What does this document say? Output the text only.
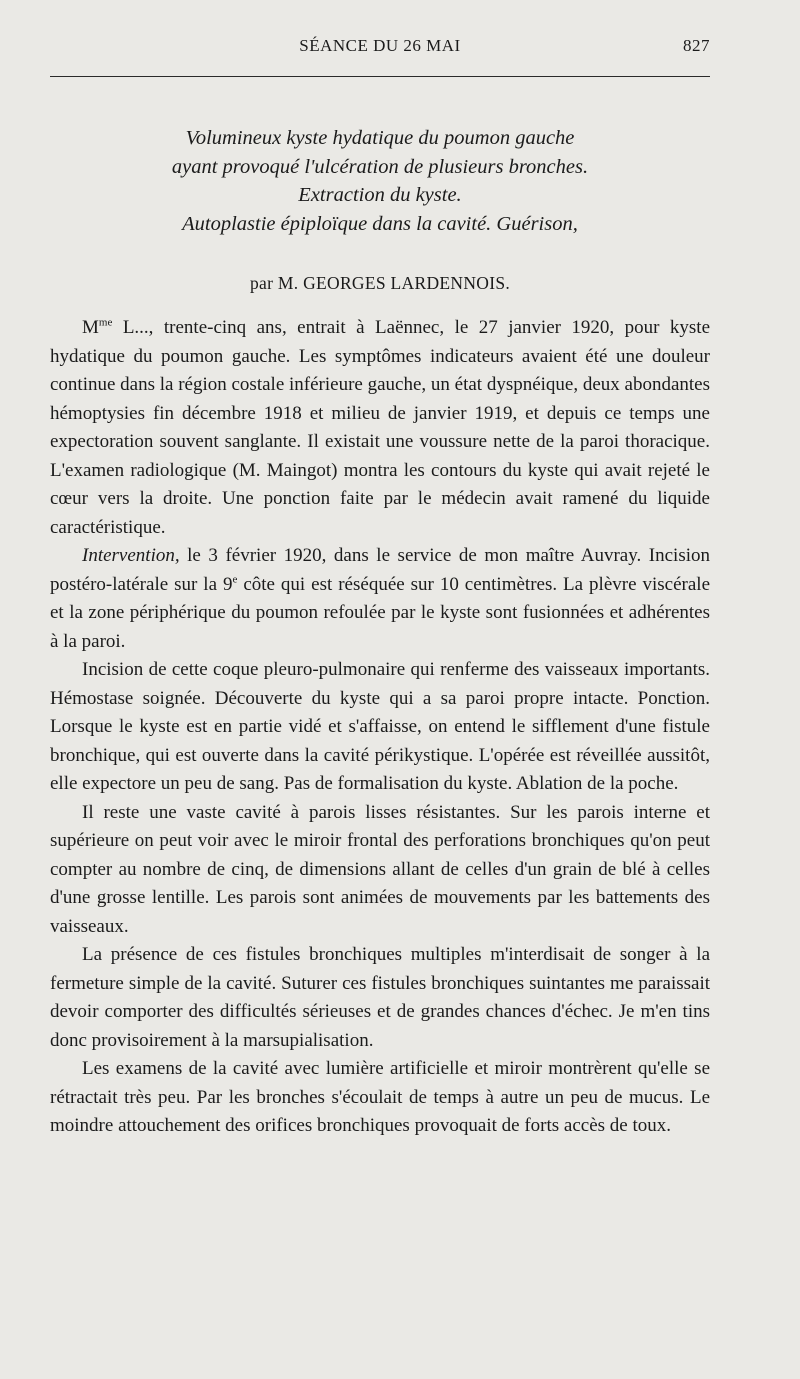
SÉANCE DU 26 MAI	827
Volumineux kyste hydatique du poumon gauche
ayant provoqué l'ulcération de plusieurs bronches.
Extraction du kyste.
Autoplastie épiploïque dans la cavité. Guérison,
par M. GEORGES LARDENNOIS.

$M^{me}$ L..., trente-cinq ans, entrait à Laënnec, le 27 janvier 1920, pour kyste hydatique du poumon gauche. Les symptômes indicateurs avaient été une douleur continue dans la région costale inférieure gauche, un état dyspnéique, deux abondantes hémoptysies fin décembre 1918 et milieu de janvier 1919, et depuis ce temps une expectoration souvent sanglante. Il existait une voussure nette de la paroi thoracique. L'examen radiologique (M. Maingot) montra les contours du kyste qui avait rejeté le cœur vers la droite. Une ponction faite par le médecin avait ramené du liquide caractéristique.

Intervention, le 3 février 1920, dans le service de mon maître Auvray. Incision postéro-latérale sur la 9e côte qui est réséquée sur 10 centimètres. La plèvre viscérale et la zone périphérique du poumon refoulée par le kyste sont fusionnées et adhérentes à la paroi.

Incision de cette coque pleuro-pulmonaire qui renferme des vaisseaux importants. Hémostase soignée. Découverte du kyste qui a sa paroi propre intacte. Ponction. Lorsque le kyste est en partie vidé et s'affaisse, on entend le sifflement d'une fistule bronchique, qui est ouverte dans la cavité périkystique. L'opérée est réveillée aussitôt, elle expectore un peu de sang. Pas de formalisation du kyste. Ablation de la poche.

Il reste une vaste cavité à parois lisses résistantes. Sur les parois interne et supérieure on peut voir avec le miroir frontal des perforations bronchiques qu'on peut compter au nombre de cinq, de dimensions allant de celles d'un grain de blé à celles d'une grosse lentille. Les parois sont animées de mouvements par les battements des vaisseaux.

La présence de ces fistules bronchiques multiples m'interdisait de songer à la fermeture simple de la cavité. Suturer ces fistules bronchiques suintantes me paraissait devoir comporter des difficultés sérieuses et de grandes chances d'échec. Je m'en tins donc provisoirement à la marsupialisation.

Les examens de la cavité avec lumière artificielle et miroir montrèrent qu'elle se rétractait très peu. Par les bronches s'écoulait de temps à autre un peu de mucus. Le moindre attouchement des orifices bronchiques provoquait de forts accès de toux.
